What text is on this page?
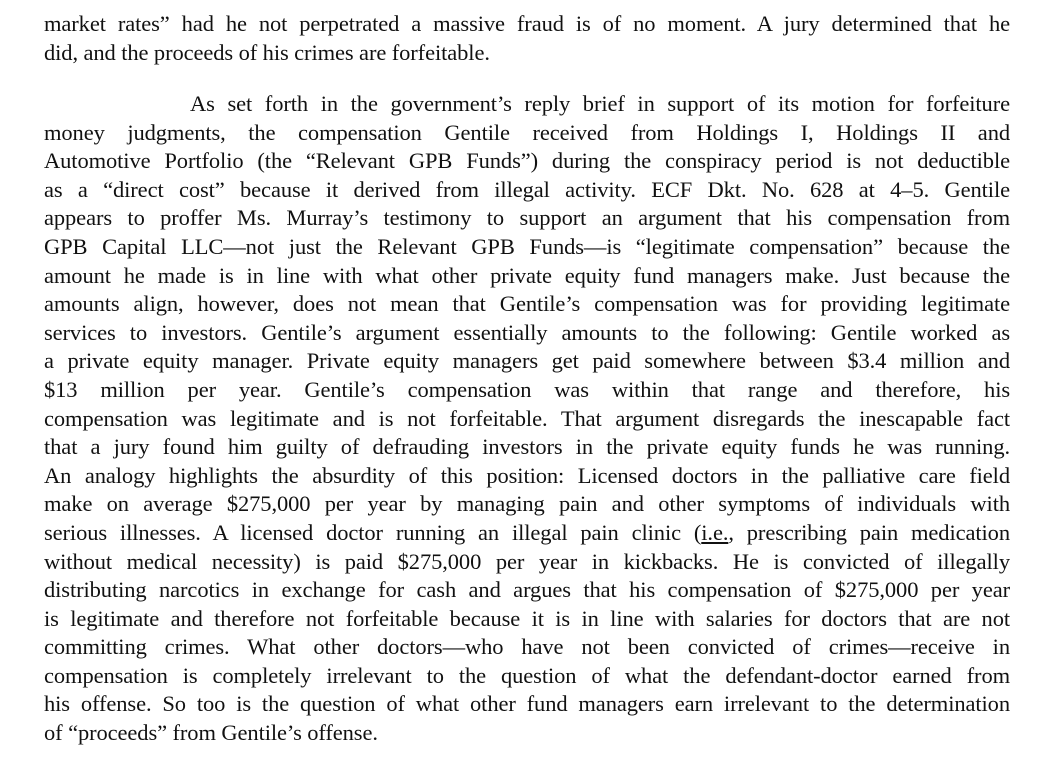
market rates” had he not perpetrated a massive fraud is of no moment. A jury determined that he
did, and the proceeds of his crimes are forfeitable.
As set forth in the government’s reply brief in support of its motion for forfeiture
money judgments, the compensation Gentile received from Holdings I, Holdings II and
Automotive Portfolio (the “Relevant GPB Funds”) during the conspiracy period is not deductible
as a “direct cost” because it derived from illegal activity. ECF Dkt. No. 628 at 4–5. Gentile
appears to proffer Ms. Murray’s testimony to support an argument that his compensation from
GPB Capital LLC—not just the Relevant GPB Funds—is “legitimate compensation” because the
amount he made is in line with what other private equity fund managers make. Just because the
amounts align, however, does not mean that Gentile’s compensation was for providing legitimate
services to investors. Gentile’s argument essentially amounts to the following: Gentile worked as
a private equity manager. Private equity managers get paid somewhere between $3.4 million and
$13 million per year. Gentile’s compensation was within that range and therefore, his
compensation was legitimate and is not forfeitable. That argument disregards the inescapable fact
that a jury found him guilty of defrauding investors in the private equity funds he was running.
An analogy highlights the absurdity of this position: Licensed doctors in the palliative care field
make on average $275,000 per year by managing pain and other symptoms of individuals with
serious illnesses. A licensed doctor running an illegal pain clinic (i.e., prescribing pain medication
without medical necessity) is paid $275,000 per year in kickbacks. He is convicted of illegally
distributing narcotics in exchange for cash and argues that his compensation of $275,000 per year
is legitimate and therefore not forfeitable because it is in line with salaries for doctors that are not
committing crimes. What other doctors—who have not been convicted of crimes—receive in
compensation is completely irrelevant to the question of what the defendant-doctor earned from
his offense. So too is the question of what other fund managers earn irrelevant to the determination
of “proceeds” from Gentile’s offense.
